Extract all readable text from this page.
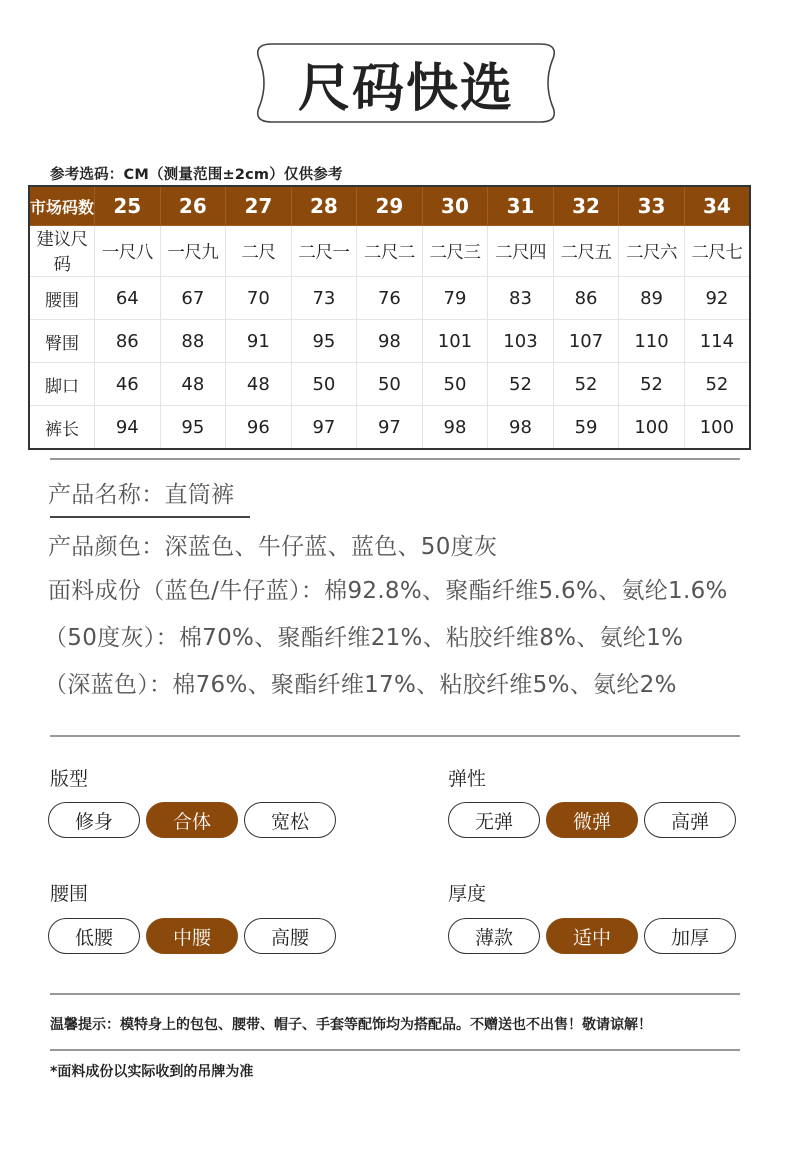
尺码快选
参考选码：CM（测量范围±2cm）仅供参考
市场码数	25	26	27	28	29	30	31	32	33	34
建议尺码	一尺八	一尺九	二尺	二尺一	二尺二	二尺三	二尺四	二尺五	二尺六	二尺七
腰围	64	67	70	73	76	79	83	86	89	92
臀围	86	88	91	95	98	101	103	107	110	114
脚口	46	48	48	50	50	50	52	52	52	52
裤长	94	95	96	97	97	98	98	59	100	100
产品名称：直筒裤
产品颜色：深蓝色、牛仔蓝、蓝色、50度灰
面料成份（蓝色/牛仔蓝）：棉92.8%、聚酯纤维5.6%、氨纶1.6%
（50度灰）：棉70%、聚酯纤维21%、粘胶纤维8%、氨纶1%
（深蓝色）：棉76%、聚酯纤维17%、粘胶纤维5%、氨纶2%
版型
修身	合体	宽松
弹性
无弹	微弹	高弹
腰围
低腰	中腰	高腰
厚度
薄款	适中	加厚
温馨提示：模特身上的包包、腰带、帽子、手套等配饰均为搭配品。不赠送也不出售！敬请谅解！
*面料成份以实际收到的吊牌为准
